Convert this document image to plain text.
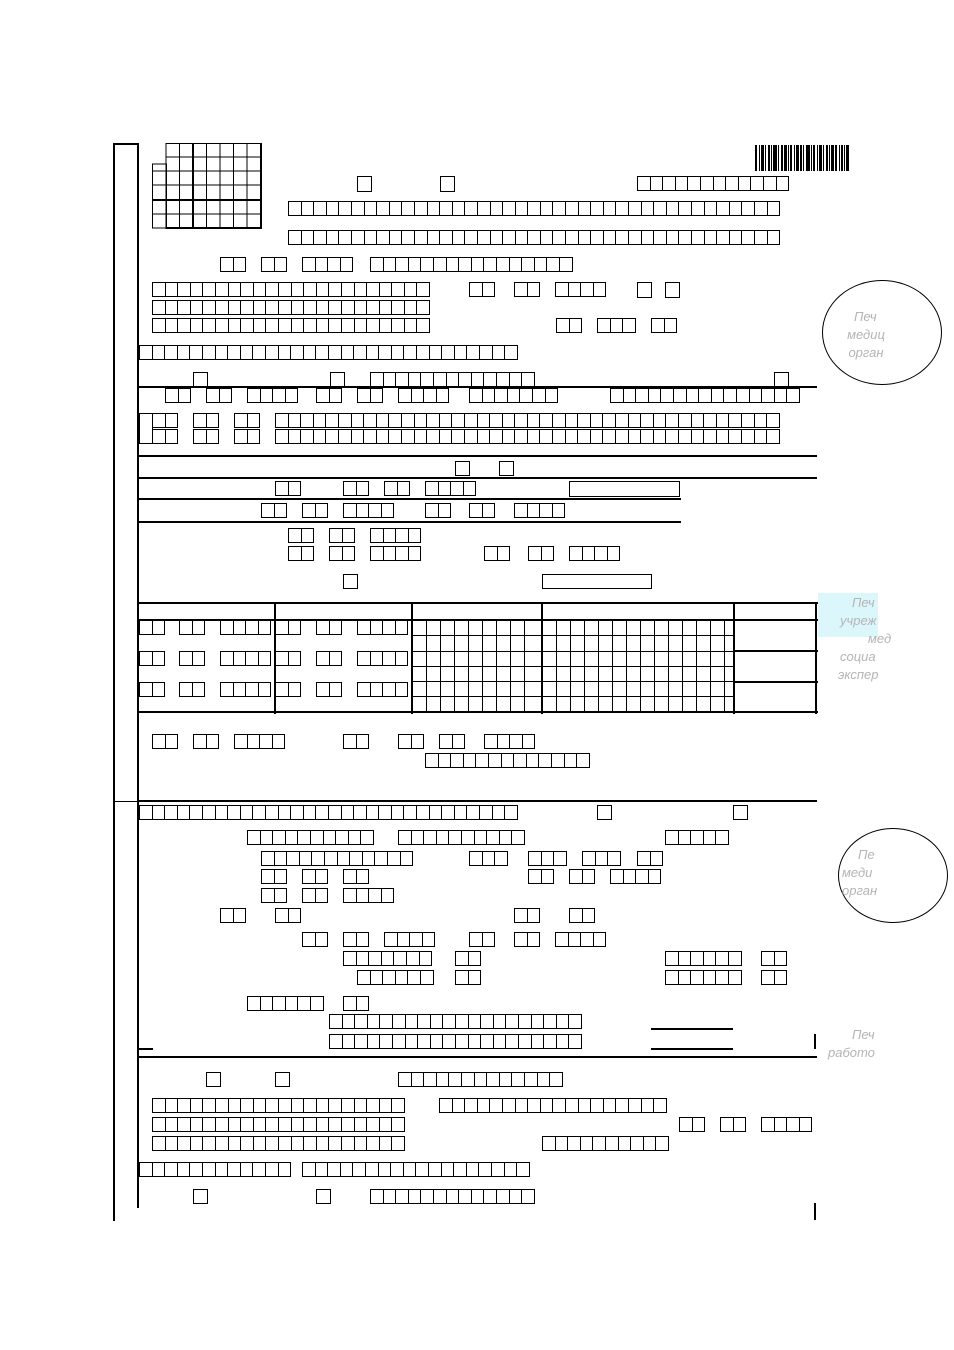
Печ
медиц
орган
Печ
учреж
мед
социа
экспер
Пе
меди
орган
Печ
работо
